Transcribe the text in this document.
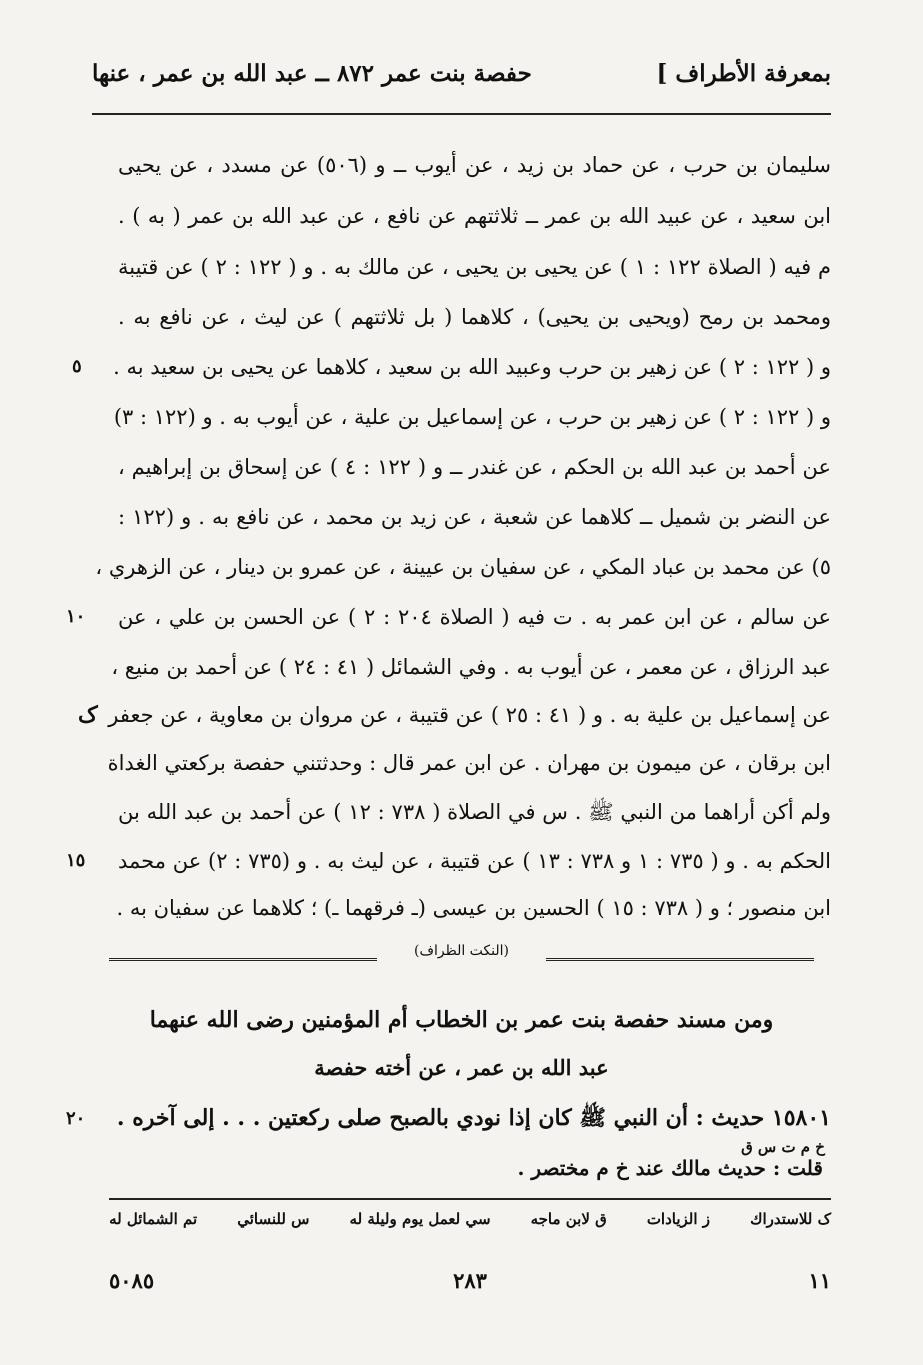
بمعرفة الأطراف ]
حفصة بنت عمر ٨٧٢ ــ عبد الله بن عمر ، عنها
سليمان بن حرب ، عن حماد بن زيد ، عن أيوب ــ و (٥٠٦) عن مسدد ، عن يحيى
ابن سعيد ، عن عبيد الله بن عمر ــ ثلاثتهم عن نافع ، عن عبد الله بن عمر ( به ) .
م فيه ( الصلاة ١٢٢ : ١ ) عن يحيى بن يحيى ، عن مالك به . و ( ١٢٢ : ٢ ) عن قتيبة
ومحمد بن رمح (ويحيى بن يحيى) ، كلاهما ( بل ثلاثتهم ) عن ليث ، عن نافع به .
و ( ١٢٢ : ٢ ) عن زهير بن حرب وعبيد الله بن سعيد ، كلاهما عن يحيى بن سعيد به .
و ( ١٢٢ : ٢ ) عن زهير بن حرب ، عن إسماعيل بن علية ، عن أيوب به . و (١٢٢ : ٣)
عن أحمد بن عبد الله بن الحكم ، عن غندر ــ و ( ١٢٢ : ٤ ) عن إسحاق بن إبراهيم ،
عن النضر بن شميل ــ كلاهما عن شعبة ، عن زيد بن محمد ، عن نافع به . و (١٢٢ :
٥) عن محمد بن عباد المكي ، عن سفيان بن عيينة ، عن عمرو بن دينار ، عن الزهري ،
عن سالم ، عن ابن عمر به . ت فيه ( الصلاة ٢٠٤ : ٢ ) عن الحسن بن علي ، عن
عبد الرزاق ، عن معمر ، عن أيوب به . وفي الشمائل ( ٤١ : ٢٤ ) عن أحمد بن منيع ،
عن إسماعيل بن علية به . و ( ٤١ : ٢٥ ) عن قتيبة ، عن مروان بن معاوية ، عن جعفر
ابن برقان ، عن ميمون بن مهران . عن ابن عمر قال : وحدثتني حفصة بركعتي الغداة
ولم أكن أراهما من النبي ﷺ . س في الصلاة ( ٧٣٨ : ١٢ ) عن أحمد بن عبد الله بن
الحكم به . و ( ٧٣٥ : ١ و ٧٣٨ : ١٣ ) عن قتيبة ، عن ليث به . و (٧٣٥ : ٢) عن محمد
ابن منصور ؛ و ( ٧٣٨ : ١٥ ) الحسين بن عيسى (ـ فرقهما ـ) ؛ كلاهما عن سفيان به .
٥
١٠
ک
١٥
(النكت الظراف)
ومن مسند حفصة بنت عمر بن الخطاب أم المؤمنين رضى الله عنهما
عبد الله بن عمر ، عن أخته حفصة
١٥٨٠١ حديث : أن النبي ﷺ كان إذا نودي بالصبح صلى ركعتين . . . إلى آخره .
٢٠
خ م ت س ق
قلت : حديث مالك عند خ م مختصر .
تم الشمائل له	س للنسائي	سي لعمل يوم وليلة له	ق لابن ماجه	ز الزيادات	ک للاستدراك
١١
٢٨٣
٥٠٨٥
